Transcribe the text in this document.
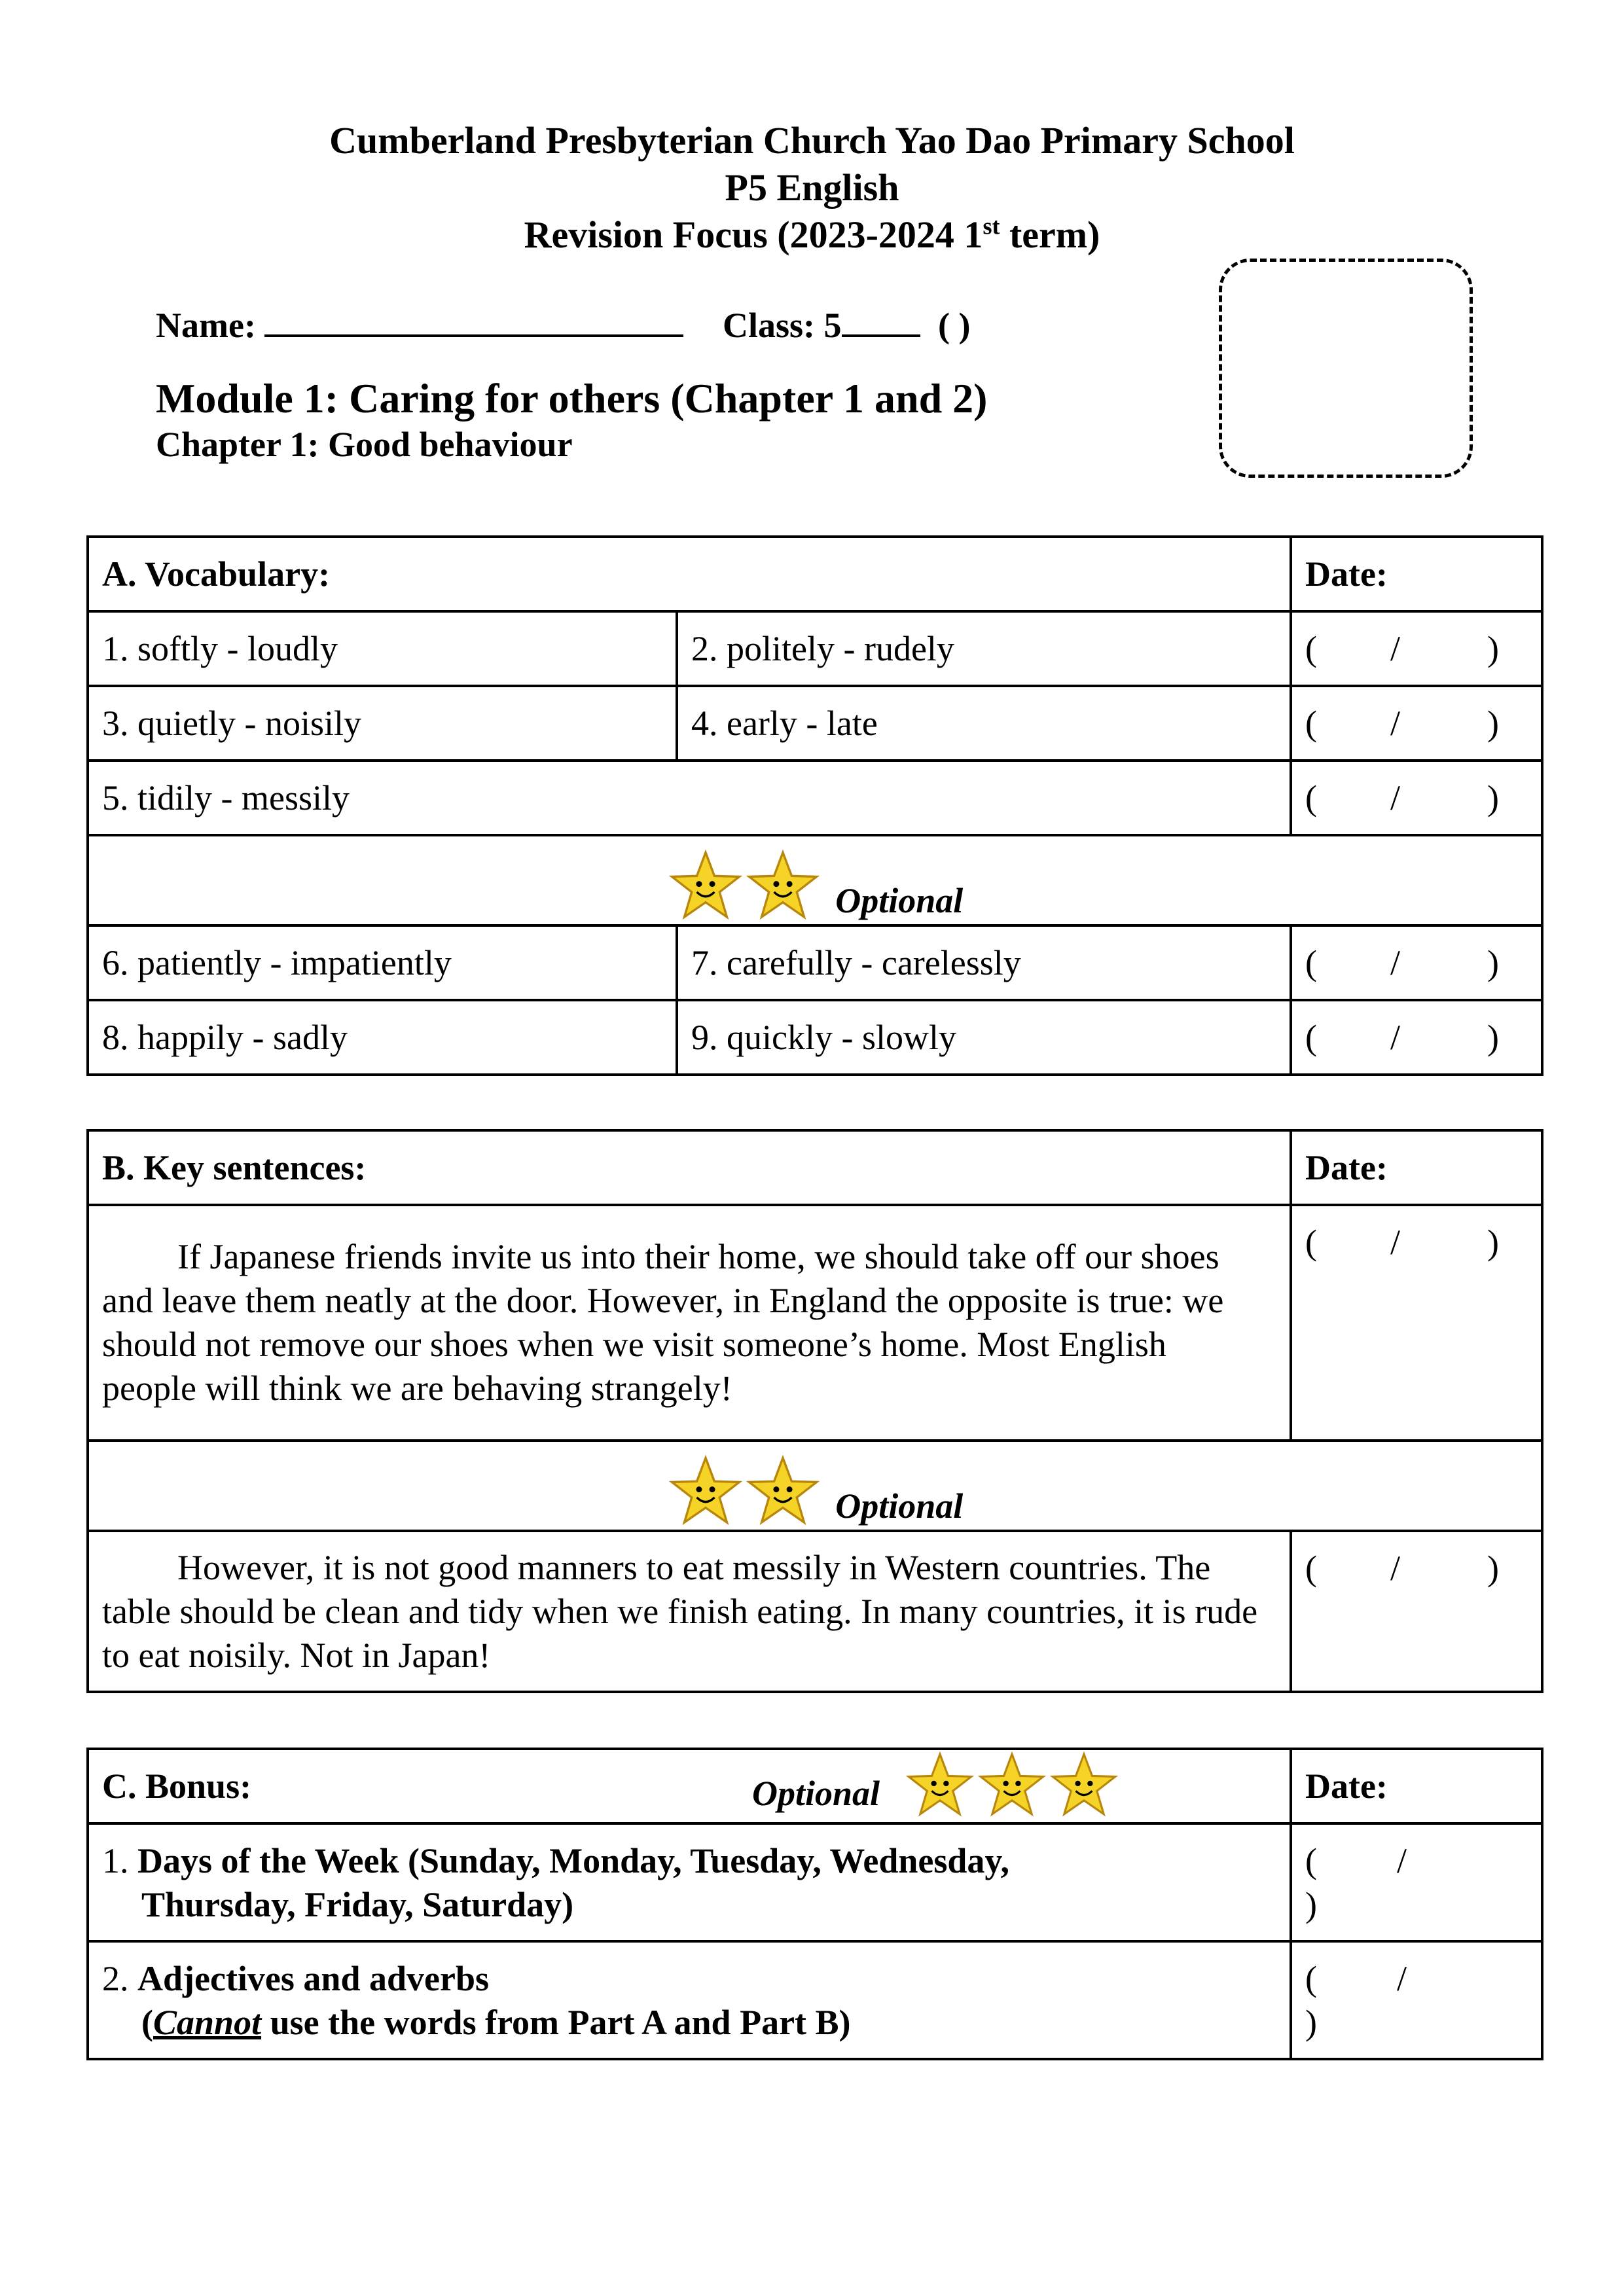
Cumberland Presbyterian Church Yao Dao Primary School
P5 English
Revision Focus (2023-2024 1st term)
Name:	Class: 5	( )
Module 1: Caring for others (Chapter 1 and 2)
Chapter 1: Good behaviour
A. Vocabulary:		Date:
1. softly - loudly	2. politely - rudely	( / )
3. quietly - noisily	4. early - late	( / )
5. tidily - messily		( / )

Optional		
6. patiently - impatiently	7. carefully - carelessly	( / )
8. happily - sadly	9. quickly - slowly	( / )
B. Key sentences:	Date:
If Japanese friends invite us into their home, we should take off our shoes and leave them neatly at the door. However, in England the opposite is true: we should not remove our shoes when we visit someone’s home. Most English people will think we are behaving strangely!	( / )

Optional	
However, it is not good manners to eat messily in Western countries. The table should be clean and tidy when we finish eating. In many countries, it is rude to eat noisily. Not in Japan!	( / )
C. Bonus: Optional	Date:

1. Days of the Week (Sunday, Monday, Tuesday, Wednesday,
Thursday, Friday, Saturday)	( /)

2. Adjectives and adverbs
(Cannot use the words from Part A and Part B)	( /)
